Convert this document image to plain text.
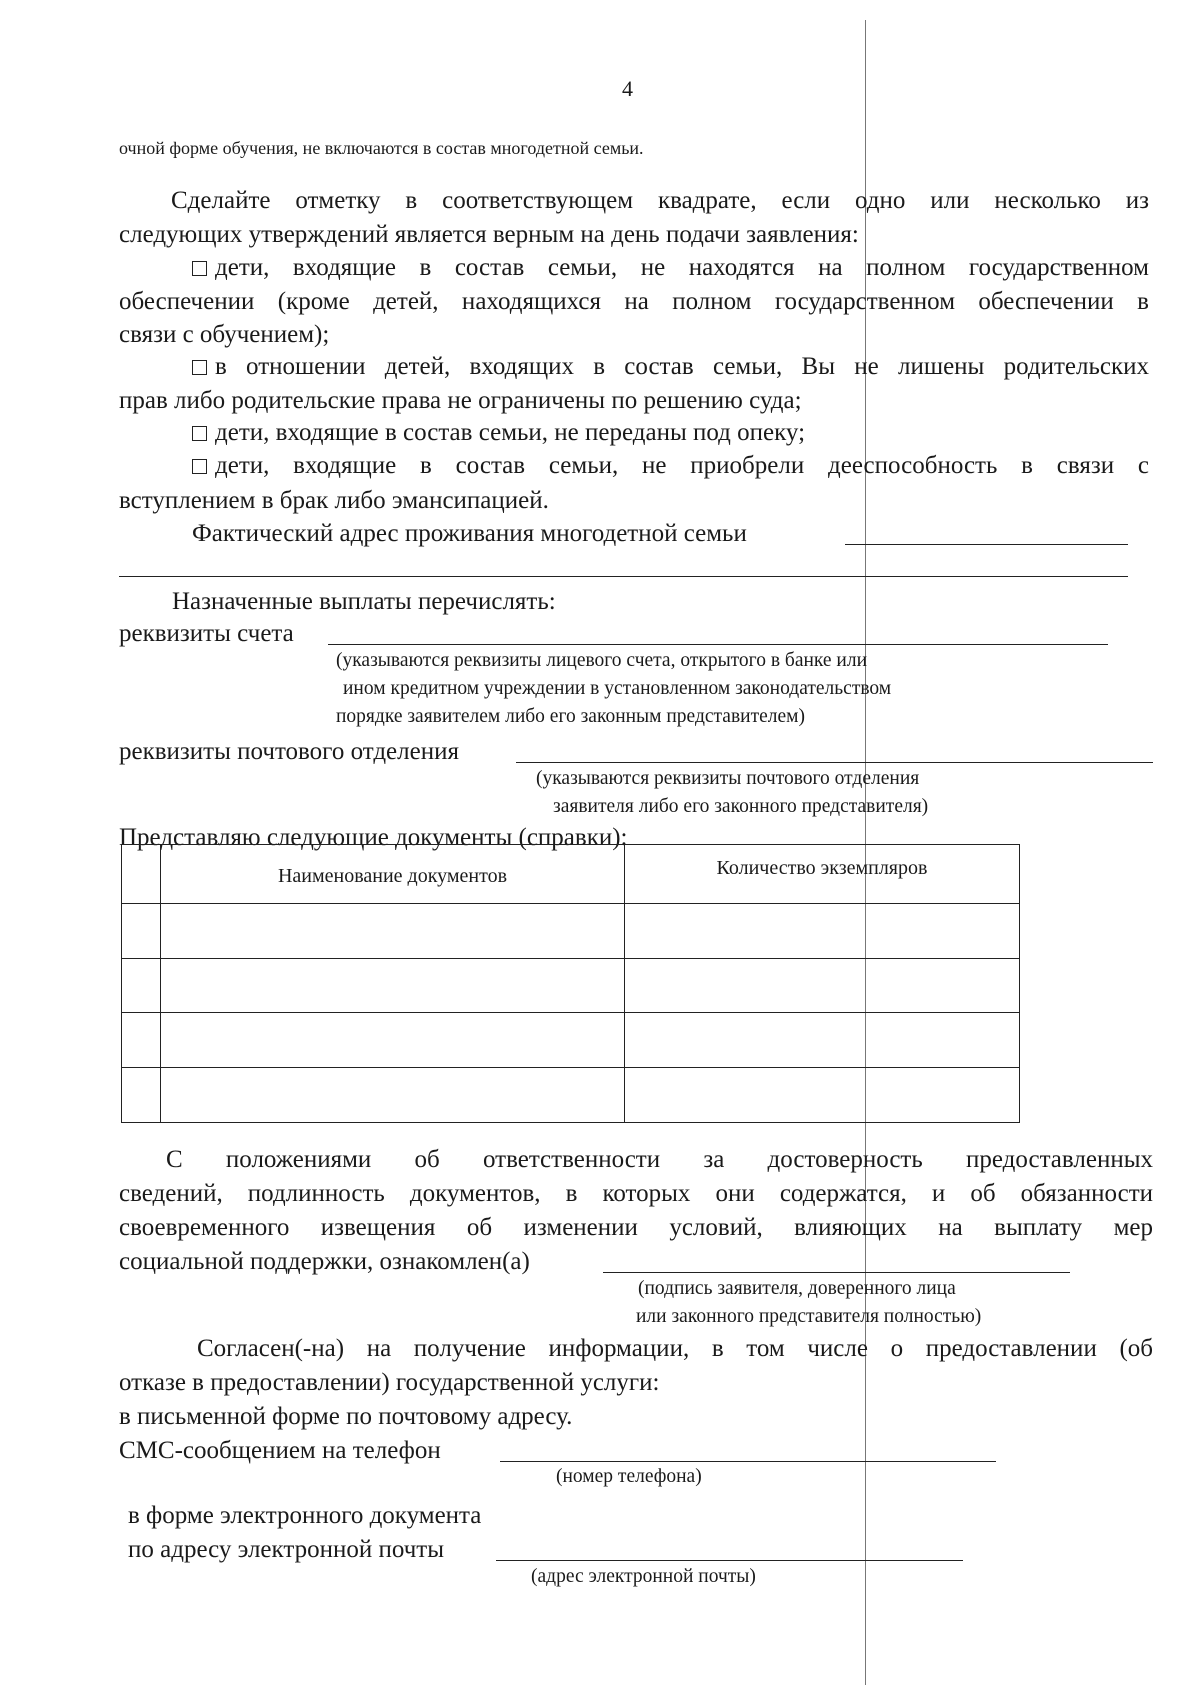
4
очной форме обучения, не включаются в состав многодетной семьи.
Сделайте отметку в соответствующем квадрате, если одно или несколько из
следующих утверждений является верным на день подачи заявления:
дети, входящие в состав семьи, не находятся на полном государственном
обеспечении (кроме детей, находящихся на полном государственном обеспечении в
связи с обучением);
в отношении детей, входящих в состав семьи, Вы не лишены родительских
прав либо родительские права не ограничены по решению суда;
дети, входящие в состав семьи, не переданы под опеку;
дети, входящие в состав семьи, не приобрели дееспособность в связи с
вступлением в брак либо эмансипацией.
Фактический адрес проживания многодетной семьи
Назначенные выплаты перечислять:
реквизиты счета
(указываются реквизиты лицевого счета, открытого в банке или
ином кредитном учреждении в установленном законодательством
порядке заявителем либо его законным представителем)
реквизиты почтового отделения
(указываются реквизиты почтового отделения
заявителя либо его законного представителя)
Представляю следующие документы (справки):
	Наименование документов	Количество экземпляров

С положениями об ответственности за достоверность предоставленных
сведений, подлинность документов, в которых они содержатся, и об обязанности
своевременного извещения об изменении условий, влияющих на выплату мер
социальной поддержки, ознакомлен(а)
(подпись заявителя, доверенного лица
или законного представителя полностью)
Согласен(-на) на получение информации, в том числе о предоставлении (об
отказе в предоставлении) государственной услуги:
в письменной форме по почтовому адресу.
СМС-сообщением на телефон
(номер телефона)
в форме электронного документа
по адресу электронной почты
(адрес электронной почты)
